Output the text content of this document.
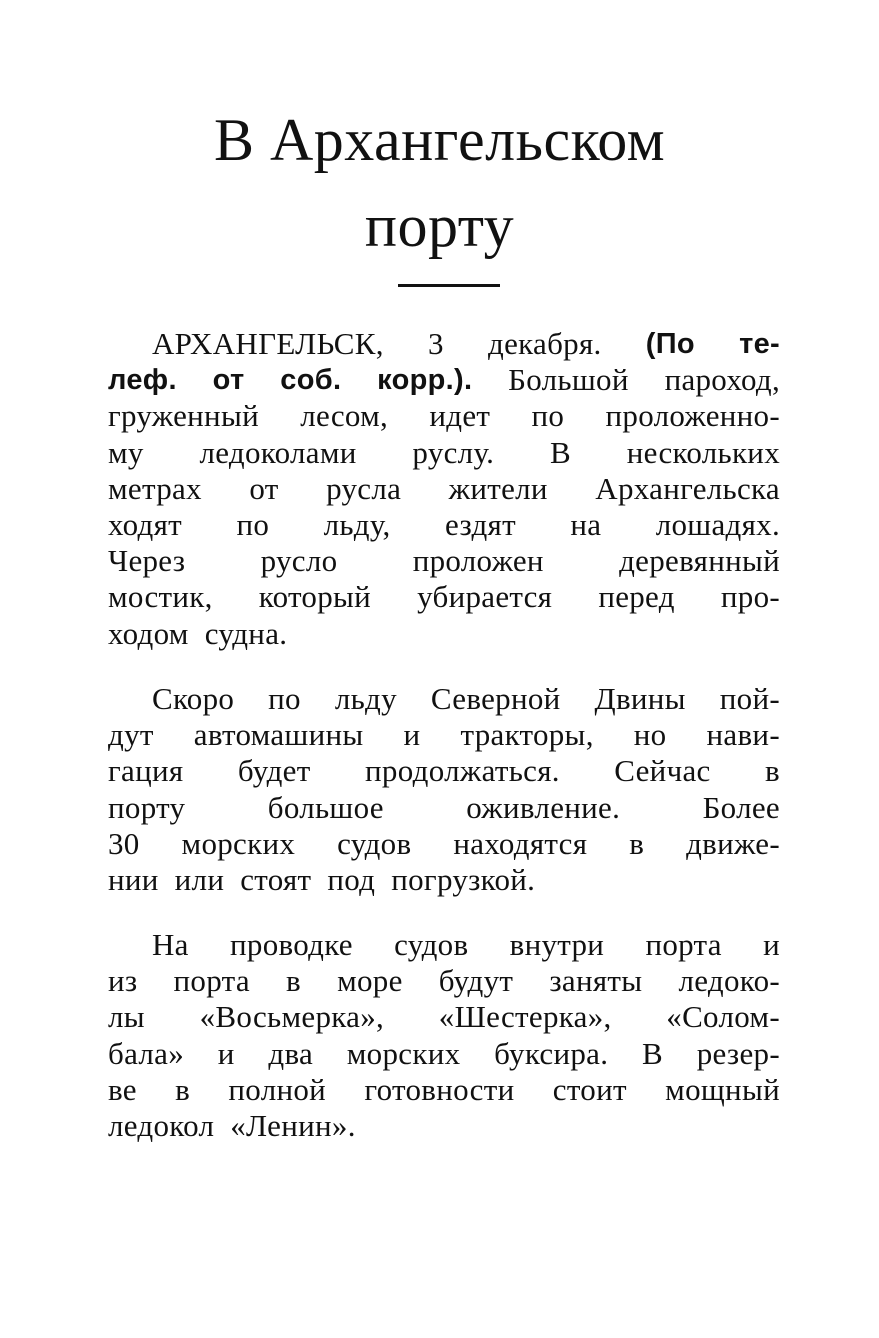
В Архангельском
порту
АРХАНГЕЛЬСК, 3 декабря. (По те-
леф. от соб. корр.). Большой пароход,
груженный лесом, идет по проложенно-
му ледоколами руслу. В нескольких
метрах от русла жители Архангельска
ходят по льду, ездят на лошадях.
Через русло проложен деревянный
мостик, который убирается перед про-
ходом судна.
Скоро по льду Северной Двины пой-
дут автомашины и тракторы, но нави-
гация будет продолжаться. Сейчас в
порту	большое	оживление.	Более
30 морских судов находятся в движе-
нии или стоят под погрузкой.
На проводке судов внутри порта и
из порта в море будут заняты ледоко-
лы «Восьмерка», «Шестерка», «Солом-
бала» и два морских буксира. В резер-
ве в полной готовности стоит мощный
ледокол «Ленин».
